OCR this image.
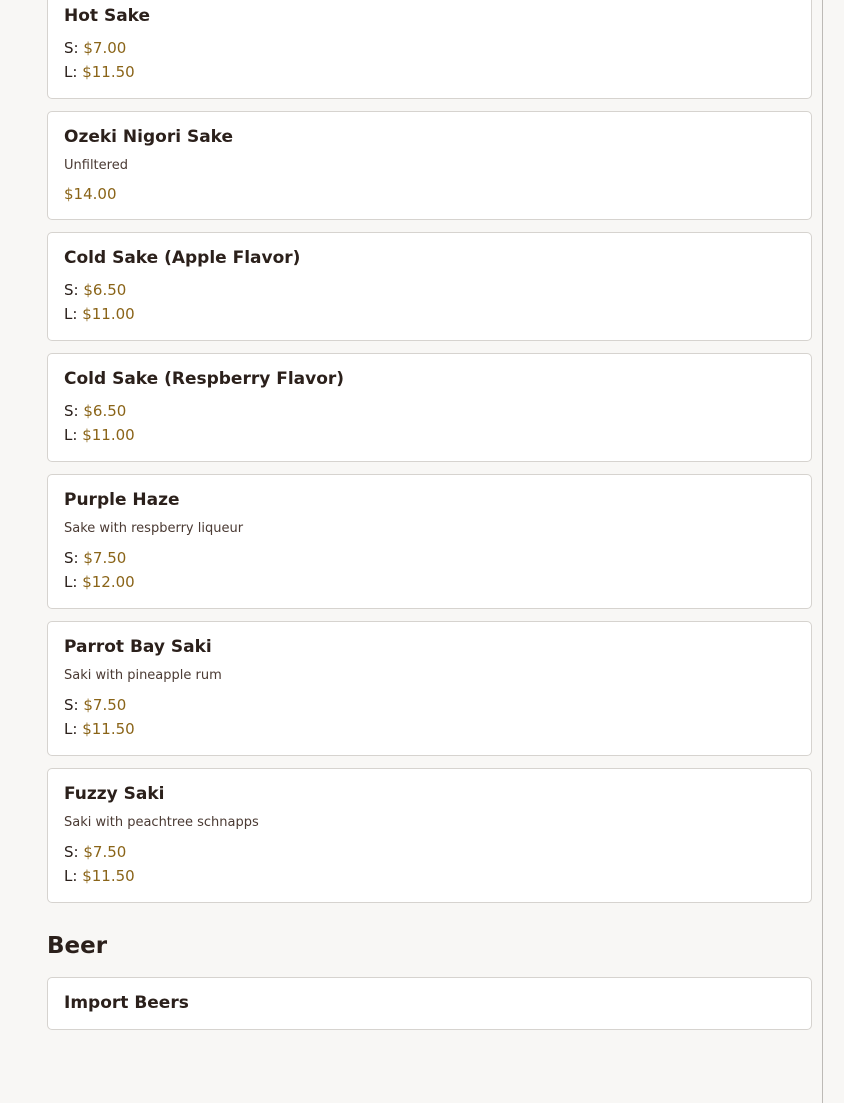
Hot Sake
S: $7.00
L: $11.50
Ozeki Nigori Sake
Unfiltered
$14.00
Cold Sake (Apple Flavor)
S: $6.50
L: $11.00
Cold Sake (Respberry Flavor)
S: $6.50
L: $11.00
Purple Haze
Sake with respberry liqueur
S: $7.50
L: $12.00
Parrot Bay Saki
Saki with pineapple rum
S: $7.50
L: $11.50
Fuzzy Saki
Saki with peachtree schnapps
S: $7.50
L: $11.50
Beer
Import Beers
